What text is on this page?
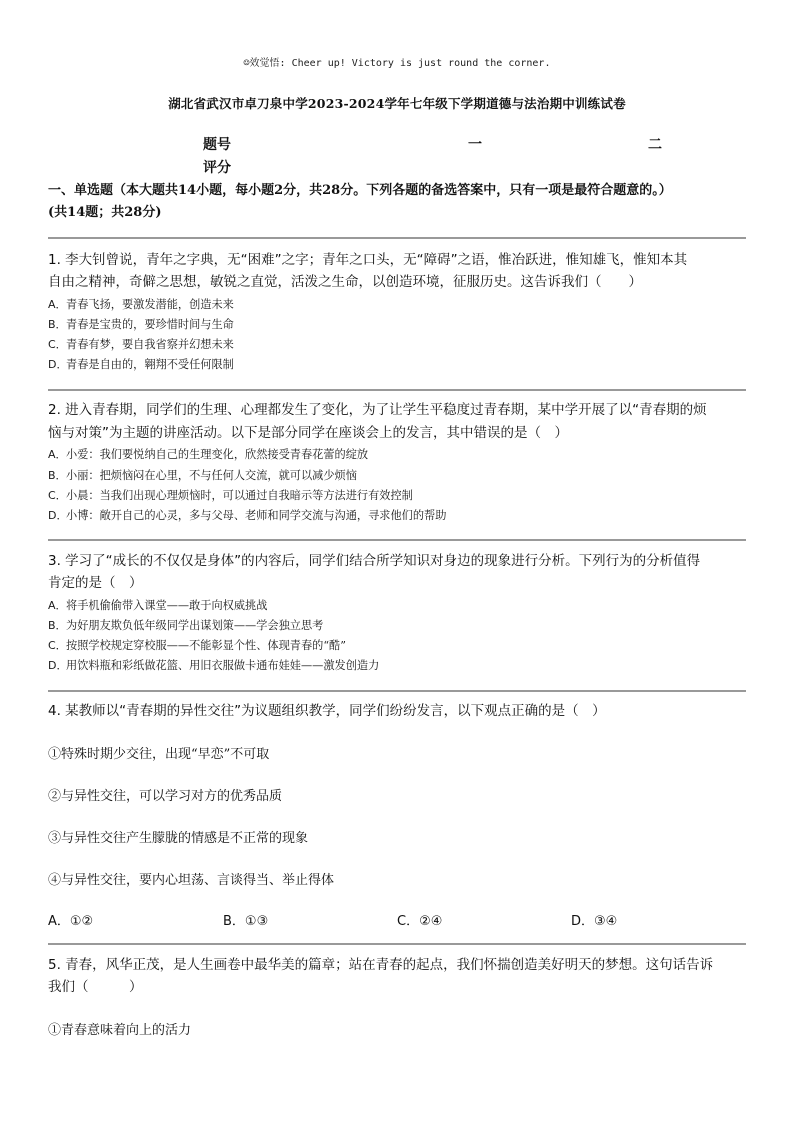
☺效觉悟: Cheer up! Victory is just round the corner.
湖北省武汉市卓刀泉中学2023-2024学年七年级下学期道德与法治期中训练试卷
题号	一	二
评分
一、单选题（本大题共14小题，每小题2分，共28分。下列各题的备选答案中，只有一项是最符合题意的。）
(共14题；共28分)
1. 李大钊曾说，青年之字典，无“困难”之字；青年之口头，无“障碍”之语，惟冶跃进，惟知雄飞，惟知本其
自由之精神，奇僻之思想，敏锐之直觉，活泼之生命，以创造环境，征服历史。这告诉我们（　　）
A．青春飞扬，要激发潜能，创造未来
B．青春是宝贵的，要珍惜时间与生命
C．青春有梦，要自我省察并幻想未来
D．青春是自由的，翱翔不受任何限制
2. 进入青春期，同学们的生理、心理都发生了变化，为了让学生平稳度过青春期，某中学开展了以“青春期的烦
恼与对策”为主题的讲座活动。以下是部分同学在座谈会上的发言，其中错误的是（　）
A．小爱：我们要悦纳自己的生理变化，欣然接受青春花蕾的绽放
B．小丽：把烦恼闷在心里，不与任何人交流，就可以减少烦恼
C．小晨：当我们出现心理烦恼时，可以通过自我暗示等方法进行有效控制
D．小博：敞开自己的心灵，多与父母、老师和同学交流与沟通，寻求他们的帮助
3. 学习了“成长的不仅仅是身体”的内容后，同学们结合所学知识对身边的现象进行分析。下列行为的分析值得
肯定的是（　）
A．将手机偷偷带入课堂——敢于向权威挑战
B．为好朋友欺负低年级同学出谋划策——学会独立思考
C．按照学校规定穿校服——不能彰显个性、体现青春的“酷”
D．用饮料瓶和彩纸做花篮、用旧衣服做卡通布娃娃——激发创造力
4. 某教师以“青春期的异性交往”为议题组织教学，同学们纷纷发言，以下观点正确的是（　）
①特殊时期少交往，出现“早恋”不可取
②与异性交往，可以学习对方的优秀品质
③与异性交往产生朦胧的情感是不正常的现象
④与异性交往，要内心坦荡、言谈得当、举止得体
A．①②	B．①③	C．②④	D．③④
5. 青春，风华正茂，是人生画卷中最华美的篇章；站在青春的起点，我们怀揣创造美好明天的梦想。这句话告诉
我们（　　　）
①青春意味着向上的活力
